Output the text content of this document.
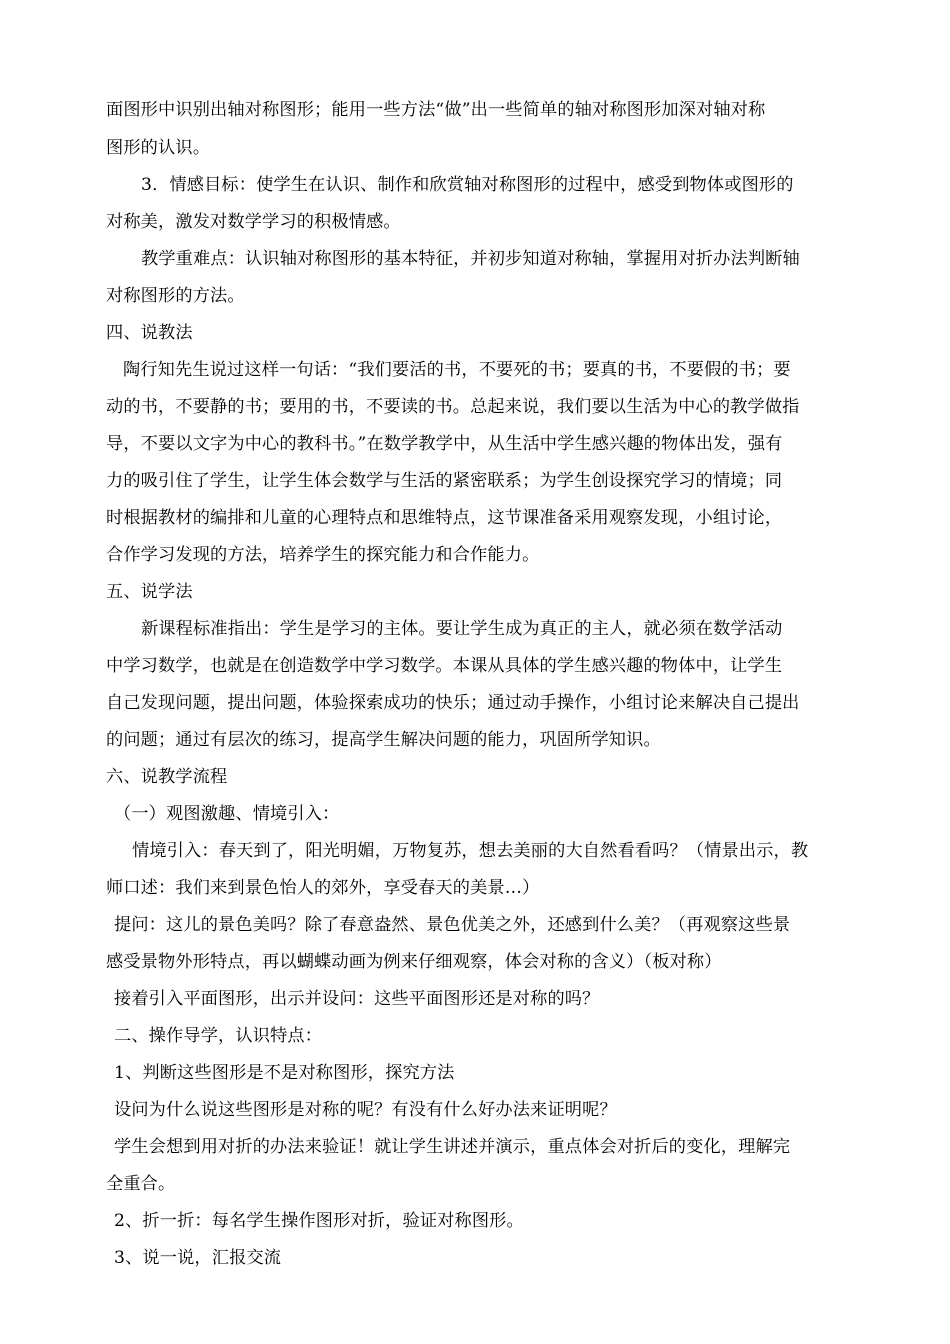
面图形中识别出轴对称图形；能用一些方法“做”出一些简单的轴对称图形加深对轴对称
图形的认识。
3．情感目标：使学生在认识、制作和欣赏轴对称图形的过程中，感受到物体或图形的
对称美，激发对数学学习的积极情感。
教学重难点：认识轴对称图形的基本特征，并初步知道对称轴，掌握用对折办法判断轴
对称图形的方法。
四、说教法
陶行知先生说过这样一句话：“我们要活的书，不要死的书；要真的书，不要假的书；要
动的书，不要静的书；要用的书，不要读的书。总起来说，我们要以生活为中心的教学做指
导，不要以文字为中心的教科书。”在数学教学中，从生活中学生感兴趣的物体出发，强有
力的吸引住了学生，让学生体会数学与生活的紧密联系；为学生创设探究学习的情境；同
时根据教材的编排和儿童的心理特点和思维特点，这节课准备采用观察发现，小组讨论，
合作学习发现的方法，培养学生的探究能力和合作能力。
五、说学法
新课程标准指出：学生是学习的主体。要让学生成为真正的主人，就必须在数学活动
中学习数学，也就是在创造数学中学习数学。本课从具体的学生感兴趣的物体中，让学生
自己发现问题，提出问题，体验探索成功的快乐；通过动手操作，小组讨论来解决自己提出
的问题；通过有层次的练习，提高学生解决问题的能力，巩固所学知识。
六、说教学流程
（一）观图激趣、情境引入：
情境引入：春天到了，阳光明媚，万物复苏，想去美丽的大自然看看吗？（情景出示，教
师口述：我们来到景色怡人的郊外，享受春天的美景…）
提问：这儿的景色美吗？除了春意盎然、景色优美之外，还感到什么美？（再观察这些景
感受景物外形特点，再以蝴蝶动画为例来仔细观察，体会对称的含义）（板对称）
接着引入平面图形，出示并设问：这些平面图形还是对称的吗？
二、操作导学，认识特点：
1、判断这些图形是不是对称图形，探究方法
设问为什么说这些图形是对称的呢？有没有什么好办法来证明呢？
学生会想到用对折的办法来验证！就让学生讲述并演示，重点体会对折后的变化，理解完
全重合。
2、折一折：每名学生操作图形对折，验证对称图形。
3、说一说，汇报交流
